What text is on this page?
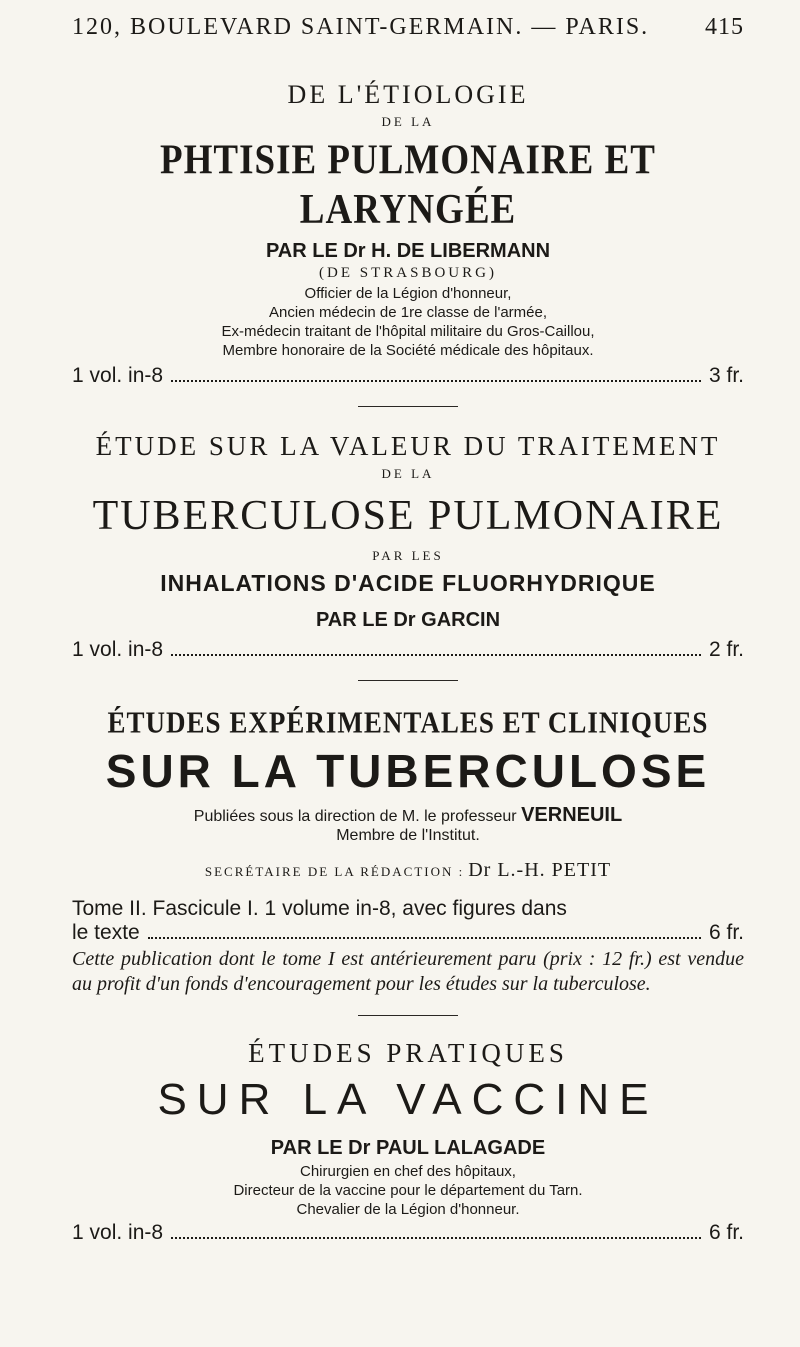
120, BOULEVARD SAINT-GERMAIN. — PARIS. 415
DE L'ÉTIOLOGIE
DE LA
PHTISIE PULMONAIRE ET LARYNGÉE
PAR LE Dr H. DE LIBERMANN
(DE STRASBOURG)
Officier de la Légion d'honneur,
Ancien médecin de 1re classe de l'armée,
Ex-médecin traitant de l'hôpital militaire du Gros-Caillou,
Membre honoraire de la Société médicale des hôpitaux.
1 vol. in-8	3 fr.
ÉTUDE SUR LA VALEUR DU TRAITEMENT
DE LA
TUBERCULOSE PULMONAIRE
PAR LES
INHALATIONS D'ACIDE FLUORHYDRIQUE
PAR LE Dr GARCIN
1 vol. in-8	2 fr.
ÉTUDES EXPÉRIMENTALES ET CLINIQUES
SUR LA TUBERCULOSE
Publiées sous la direction de M. le professeur VERNEUIL
Membre de l'Institut.
SECRÉTAIRE DE LA RÉDACTION : Dr L.-H. PETIT
Tome II. Fascicule I. 1 volume in-8, avec figures dans
le texte	6 fr.
Cette publication dont le tome I est antérieurement paru (prix : 12 fr.) est vendue au profit d'un fonds d'encouragement pour les études sur la tuberculose.
ÉTUDES PRATIQUES
SUR LA VACCINE
PAR LE Dr PAUL LALAGADE
Chirurgien en chef des hôpitaux,
Directeur de la vaccine pour le département du Tarn.
Chevalier de la Légion d'honneur.
1 vol. in-8	6 fr.
